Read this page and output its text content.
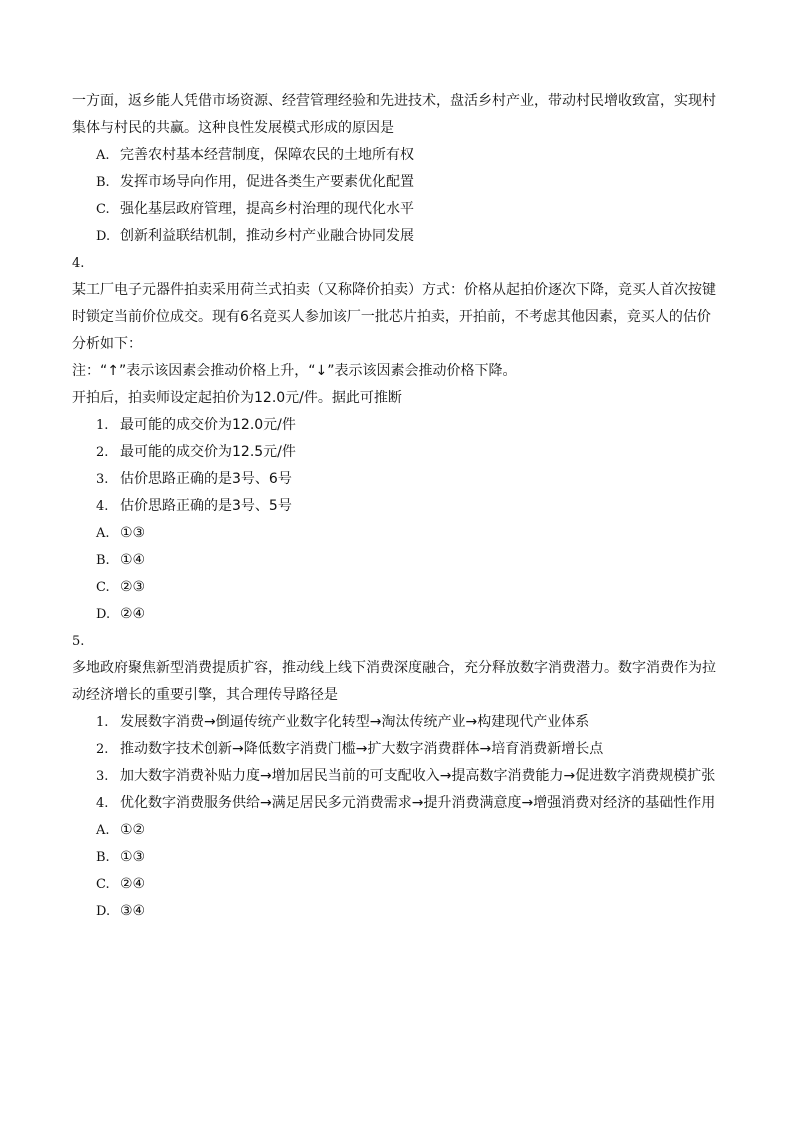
一方面，返乡能人凭借市场资源、经营管理经验和先进技术，盘活乡村产业，带动村民增收致富，实现村集体与村民的共赢。这种良性发展模式形成的原因是

A. 完善农村基本经营制度，保障农民的土地所有权
B. 发挥市场导向作用，促进各类生产要素优化配置
C. 强化基层政府管理，提高乡村治理的现代化水平
D. 创新利益联结机制，推动乡村产业融合协同发展

4.

某工厂电子元器件拍卖采用荷兰式拍卖（又称降价拍卖）方式：价格从起拍价逐次下降，竞买人首次按键时锁定当前价位成交。现有6名竞买人参加该厂一批芯片拍卖，开拍前，不考虑其他因素，竞买人的估价分析如下：

注：“↑”表示该因素会推动价格上升，“↓”表示该因素会推动价格下降。

开拍后，拍卖师设定起拍价为12.0元/件。据此可推断

1. 最可能的成交价为12.0元/件
2. 最可能的成交价为12.5元/件
3. 估价思路正确的是3号、6号
4. 估价思路正确的是3号、5号
A. ①③
B. ①④
C. ②③
D. ②④

5.

多地政府聚焦新型消费提质扩容，推动线上线下消费深度融合，充分释放数字消费潜力。数字消费作为拉动经济增长的重要引擎，其合理传导路径是

1. 发展数字消费→倒逼传统产业数字化转型→淘汰传统产业→构建现代产业体系
2. 推动数字技术创新→降低数字消费门槛→扩大数字消费群体→培育消费新增长点
3. 加大数字消费补贴力度→增加居民当前的可支配收入→提高数字消费能力→促进数字消费规模扩张
4. 优化数字消费服务供给→满足居民多元消费需求→提升消费满意度→增强消费对经济的基础性作用
A. ①②
B. ①③
C. ②④
D. ③④
